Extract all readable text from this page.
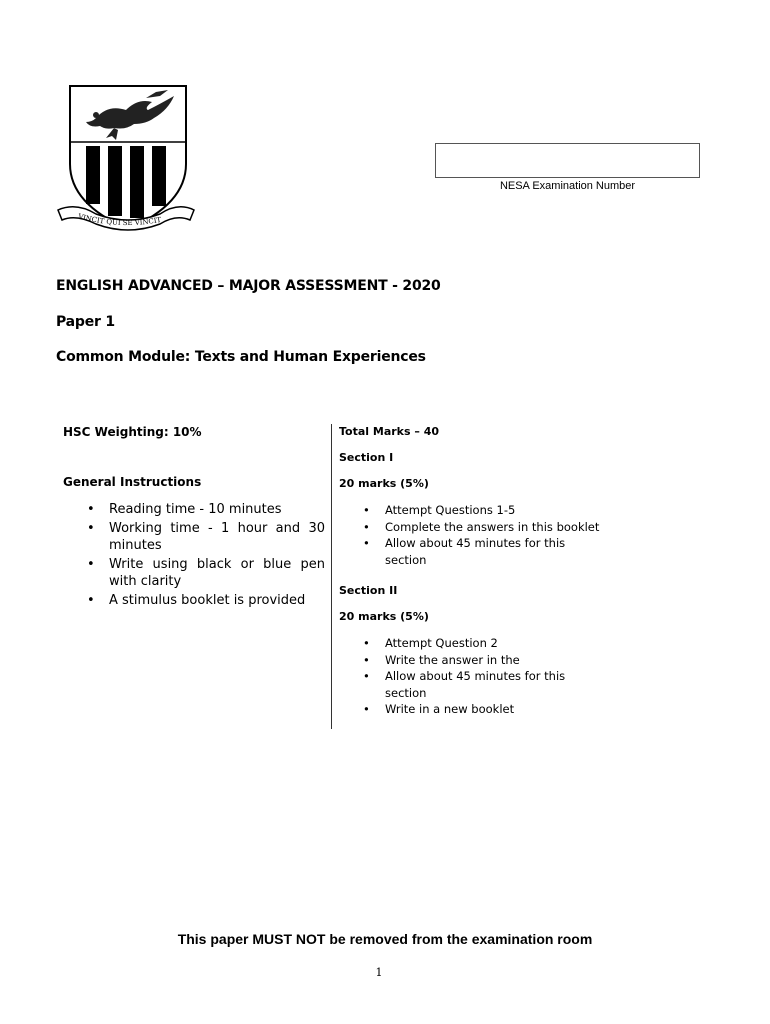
VINCIT QUI SE VINCIT
NESA Examination Number
ENGLISH ADVANCED – MAJOR ASSESSMENT - 2020
Paper 1
Common Module: Texts and Human Experiences
HSC Weighting: 10%
General Instructions
• Reading time - 10 minutes
• Working time - 1 hour and 30 minutes
• Write using black or blue pen with clarity
• A stimulus booklet is provided
Total Marks – 40
Section I
20 marks (5%)
• Attempt Questions 1-5
• Complete the answers in this booklet
• Allow about 45 minutes for this section
Section II
20 marks (5%)
• Attempt Question 2
• Write the answer in the
• Allow about 45 minutes for this section
• Write in a new booklet
This paper MUST NOT be removed from the examination room
1
